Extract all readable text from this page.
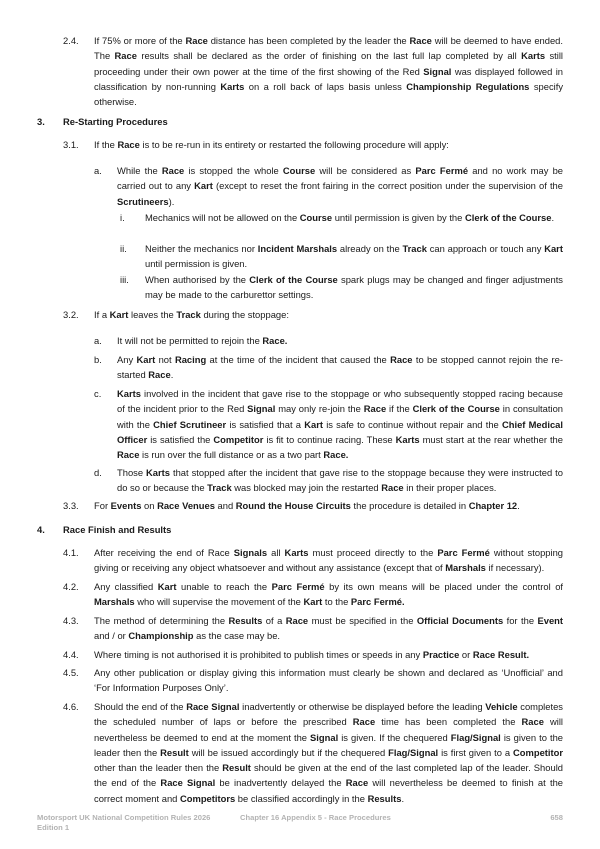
2.4. If 75% or more of the Race distance has been completed by the leader the Race will be deemed to have ended. The Race results shall be declared as the order of finishing on the last full lap completed by all Karts still proceeding under their own power at the time of the first showing of the Red Signal was displayed followed in classification by non-running Karts on a roll back of laps basis unless Championship Regulations specify otherwise.
3. Re-Starting Procedures
3.1. If the Race is to be re-run in its entirety or restarted the following procedure will apply:
a. While the Race is stopped the whole Course will be considered as Parc Fermé and no work may be carried out to any Kart (except to reset the front fairing in the correct position under the supervision of the Scrutineers).
i. Mechanics will not be allowed on the Course until permission is given by the Clerk of the Course.
ii. Neither the mechanics nor Incident Marshals already on the Track can approach or touch any Kart until permission is given.
iii. When authorised by the Clerk of the Course spark plugs may be changed and finger adjustments may be made to the carburettor settings.
3.2. If a Kart leaves the Track during the stoppage:
a. It will not be permitted to rejoin the Race.
b. Any Kart not Racing at the time of the incident that caused the Race to be stopped cannot rejoin the re- started Race.
c. Karts involved in the incident that gave rise to the stoppage or who subsequently stopped racing because of the incident prior to the Red Signal may only re-join the Race if the Clerk of the Course in consultation with the Chief Scrutineer is satisfied that a Kart is safe to continue without repair and the Chief Medical Officer is satisfied the Competitor is fit to continue racing. These Karts must start at the rear whether the Race is run over the full distance or as a two part Race.
d. Those Karts that stopped after the incident that gave rise to the stoppage because they were instructed to do so or because the Track was blocked may join the restarted Race in their proper places.
3.3. For Events on Race Venues and Round the House Circuits the procedure is detailed in Chapter 12.
4. Race Finish and Results
4.1. After receiving the end of Race Signals all Karts must proceed directly to the Parc Fermé without stopping giving or receiving any object whatsoever and without any assistance (except that of Marshals if necessary).
4.2. Any classified Kart unable to reach the Parc Fermé by its own means will be placed under the control of Marshals who will supervise the movement of the Kart to the Parc Fermé.
4.3. The method of determining the Results of a Race must be specified in the Official Documents for the Event and / or Championship as the case may be.
4.4. Where timing is not authorised it is prohibited to publish times or speeds in any Practice or Race Result.
4.5. Any other publication or display giving this information must clearly be shown and declared as ‘Unofficial’ and ‘For Information Purposes Only’.
4.6. Should the end of the Race Signal inadvertently or otherwise be displayed before the leading Vehicle completes the scheduled number of laps or before the prescribed Race time has been completed the Race will nevertheless be deemed to end at the moment the Signal is given. If the chequered Flag/Signal is given to the leader then the Result will be issued accordingly but if the chequered Flag/Signal is first given to a Competitor other than the leader then the Result should be given at the end of the last completed lap of the leader. Should the end of the Race Signal be inadvertently delayed the Race will nevertheless be deemed to finish at the correct moment and Competitors be classified accordingly in the Results.
Motorsport UK National Competition Rules 2026
Edition 1
Chapter 16 Appendix 5 - Race Procedures	658
